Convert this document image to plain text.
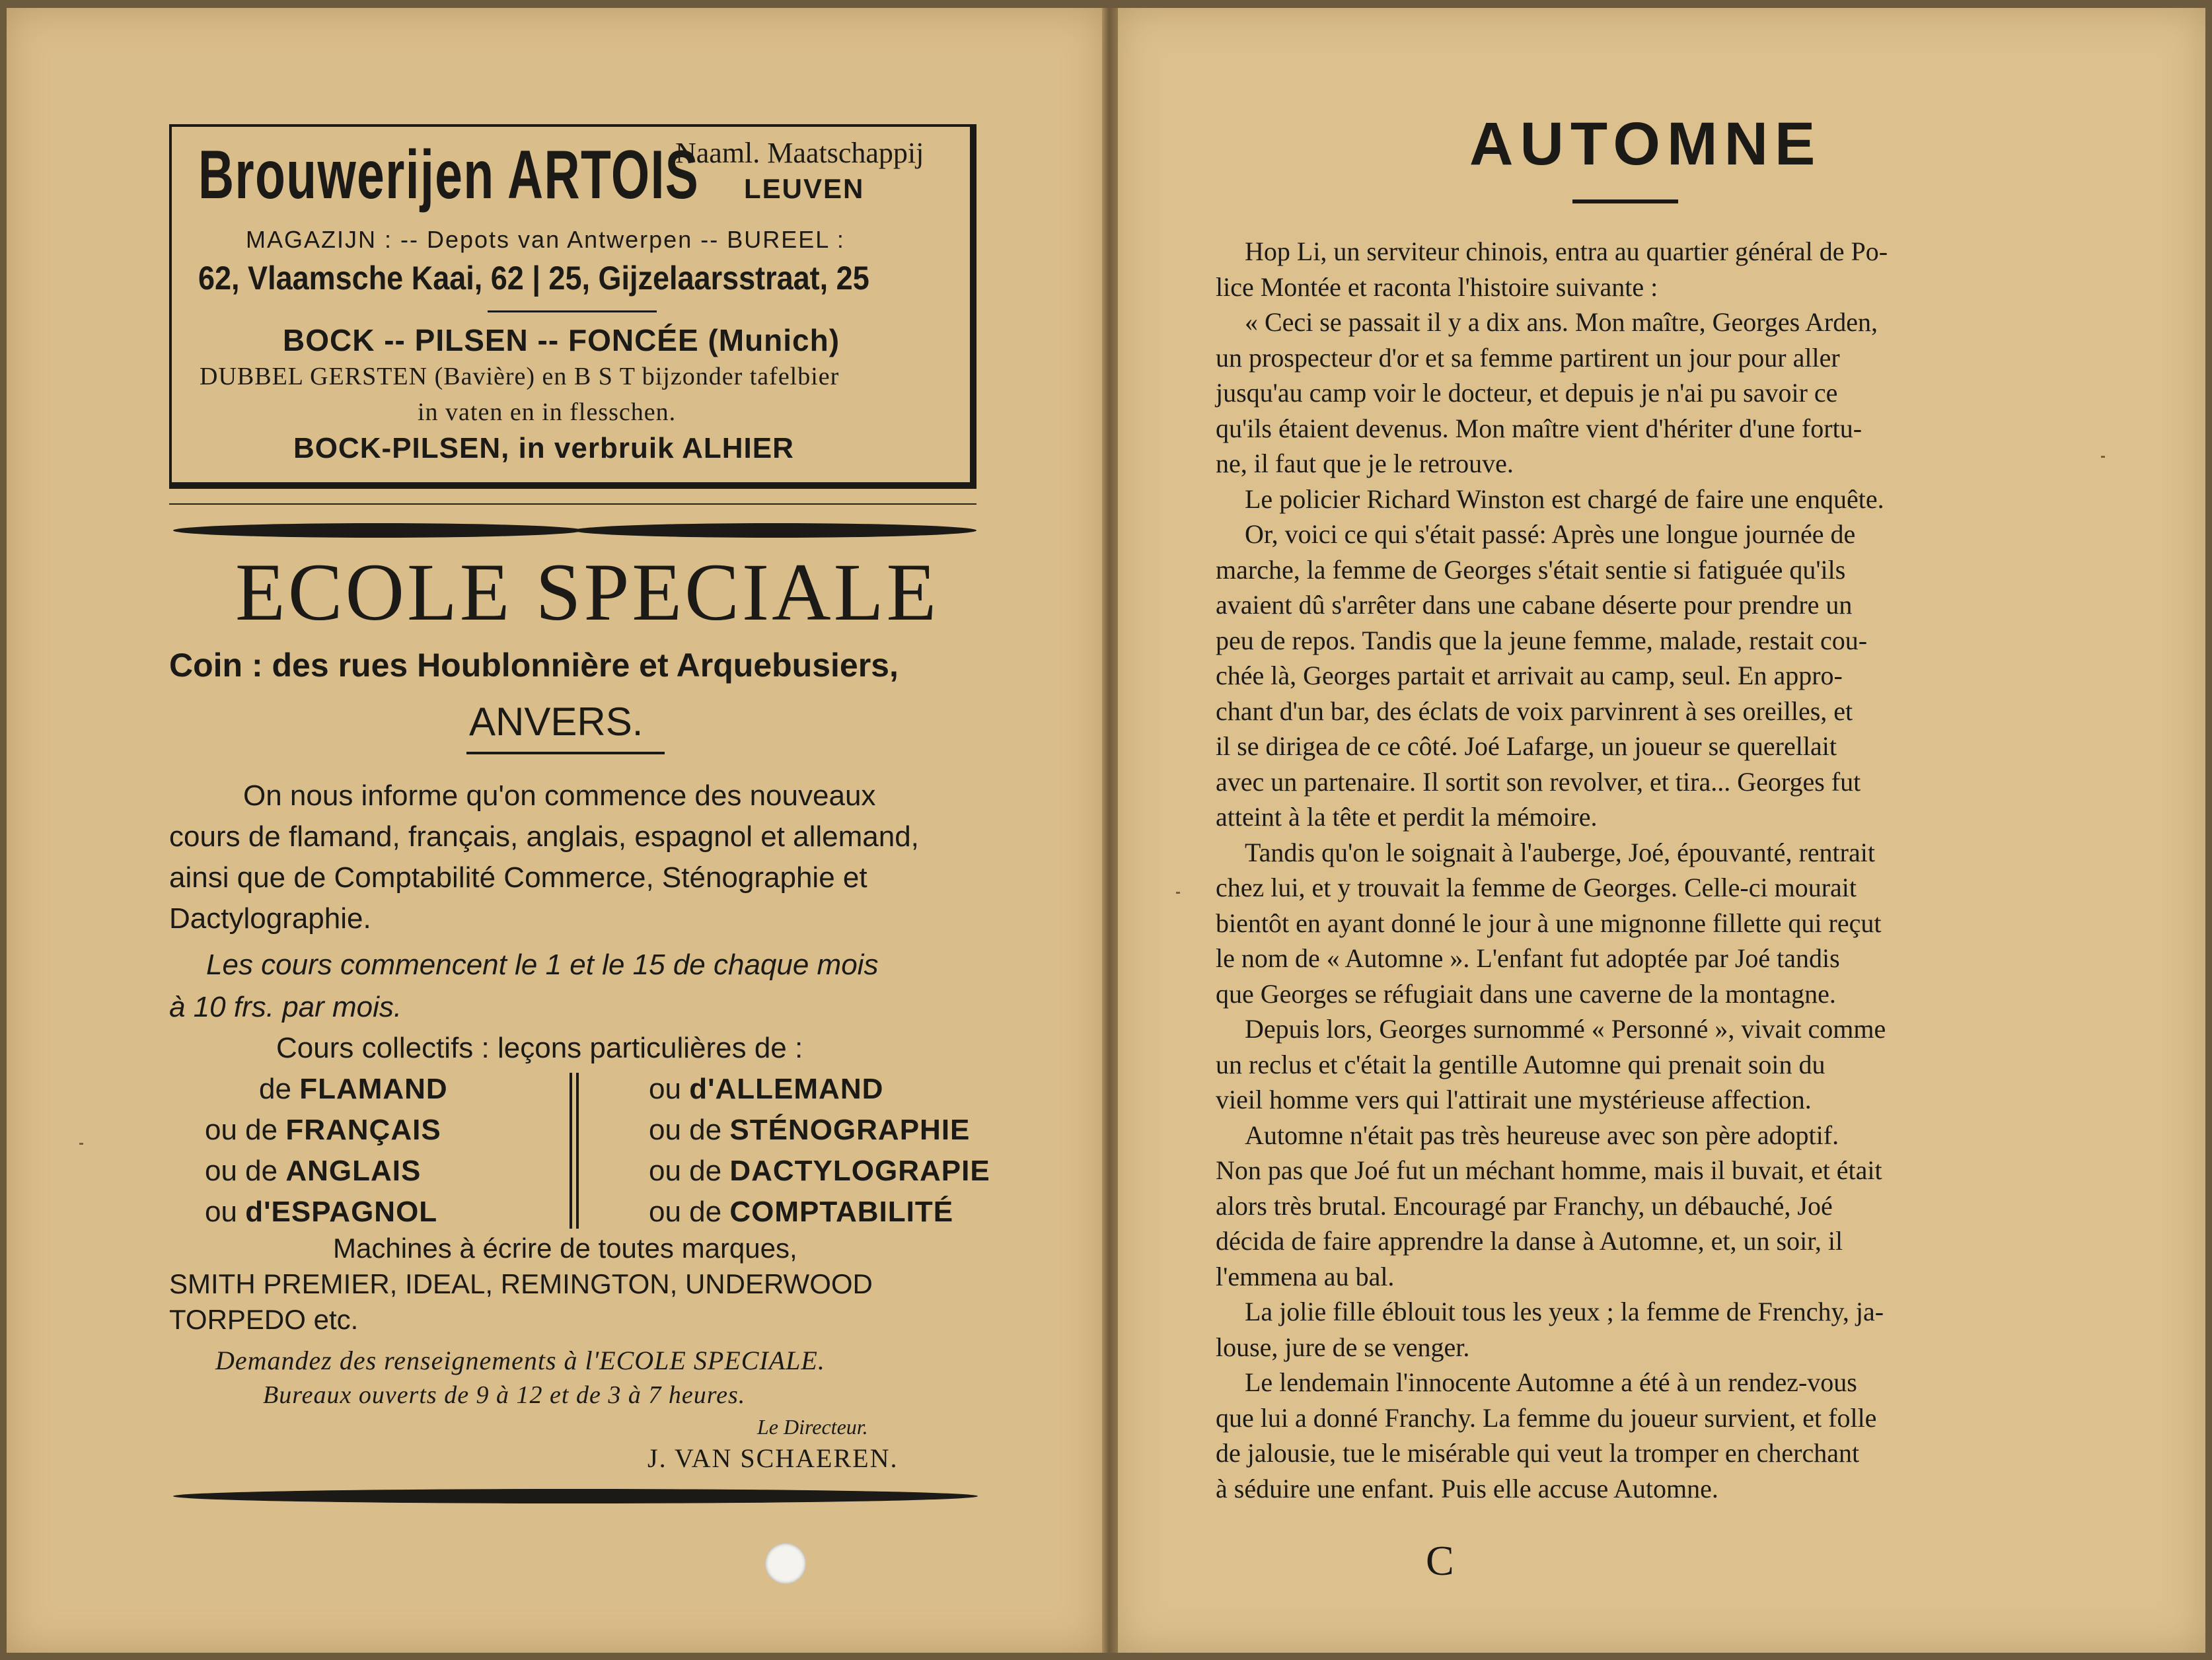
Brouwerijen ARTOIS
Naaml. Maatschappij
LEUVEN
MAGAZIJN : -- Depots van Antwerpen -- BUREEL :
62, Vlaamsche Kaai, 62 | 25, Gijzelaarsstraat, 25
BOCK -- PILSEN -- FONCÉE (Munich)
DUBBEL GERSTEN (Bavière) en B S T bijzonder tafelbier
in vaten en in flesschen.
BOCK-PILSEN, in verbruik ALHIER
ECOLE SPECIALE
Coin : des rues Houblonnière et Arquebusiers,
ANVERS.
On nous informe qu'on commence des nouveaux
cours de flamand, français, anglais, espagnol et allemand,
ainsi que de Comptabilité Commerce, Sténographie et
Dactylographie.
Les cours commencent le 1 et le 15 de chaque mois
à 10 frs. par mois.
Cours collectifs : leçons particulières de :
de FLAMAND
ou de FRANÇAIS
ou de ANGLAIS
ou d'ESPAGNOL
ou d'ALLEMAND
ou de STÉNOGRAPHIE
ou de DACTYLOGRAPIE
ou de COMPTABILITÉ
Machines à écrire de toutes marques,
SMITH PREMIER, IDEAL, REMINGTON, UNDERWOOD
TORPEDO etc.
Demandez des renseignements à l'ECOLE SPECIALE.
Bureaux ouverts de 9 à 12 et de 3 à 7 heures.
Le Directeur.
J. VAN SCHAEREN.
AUTOMNE
Hop Li, un serviteur chinois, entra au quartier général de Po-
lice Montée et raconta l'histoire suivante :
« Ceci se passait il y a dix ans. Mon maître, Georges Arden,
un prospecteur d'or et sa femme partirent un jour pour aller
jusqu'au camp voir le docteur, et depuis je n'ai pu savoir ce
qu'ils étaient devenus. Mon maître vient d'hériter d'une fortu-
ne, il faut que je le retrouve.
Le policier Richard Winston est chargé de faire une enquête.
Or, voici ce qui s'était passé: Après une longue journée de
marche, la femme de Georges s'était sentie si fatiguée qu'ils
avaient dû s'arrêter dans une cabane déserte pour prendre un
peu de repos. Tandis que la jeune femme, malade, restait cou-
chée là, Georges partait et arrivait au camp, seul. En appro-
chant d'un bar, des éclats de voix parvinrent à ses oreilles, et
il se dirigea de ce côté. Joé Lafarge, un joueur se querellait
avec un partenaire. Il sortit son revolver, et tira... Georges fut
atteint à la tête et perdit la mémoire.
Tandis qu'on le soignait à l'auberge, Joé, épouvanté, rentrait
chez lui, et y trouvait la femme de Georges. Celle-ci mourait
bientôt en ayant donné le jour à une mignonne fillette qui reçut
le nom de « Automne ». L'enfant fut adoptée par Joé tandis
que Georges se réfugiait dans une caverne de la montagne.
Depuis lors, Georges surnommé « Personné », vivait comme
un reclus et c'était la gentille Automne qui prenait soin du
vieil homme vers qui l'attirait une mystérieuse affection.
Automne n'était pas très heureuse avec son père adoptif.
Non pas que Joé fut un méchant homme, mais il buvait, et était
alors très brutal. Encouragé par Franchy, un débauché, Joé
décida de faire apprendre la danse à Automne, et, un soir, il
l'emmena au bal.
La jolie fille éblouit tous les yeux ; la femme de Frenchy, ja-
louse, jure de se venger.
Le lendemain l'innocente Automne a été à un rendez-vous
que lui a donné Franchy. La femme du joueur survient, et folle
de jalousie, tue le misérable qui veut la tromper en cherchant
à séduire une enfant. Puis elle accuse Automne.
C
